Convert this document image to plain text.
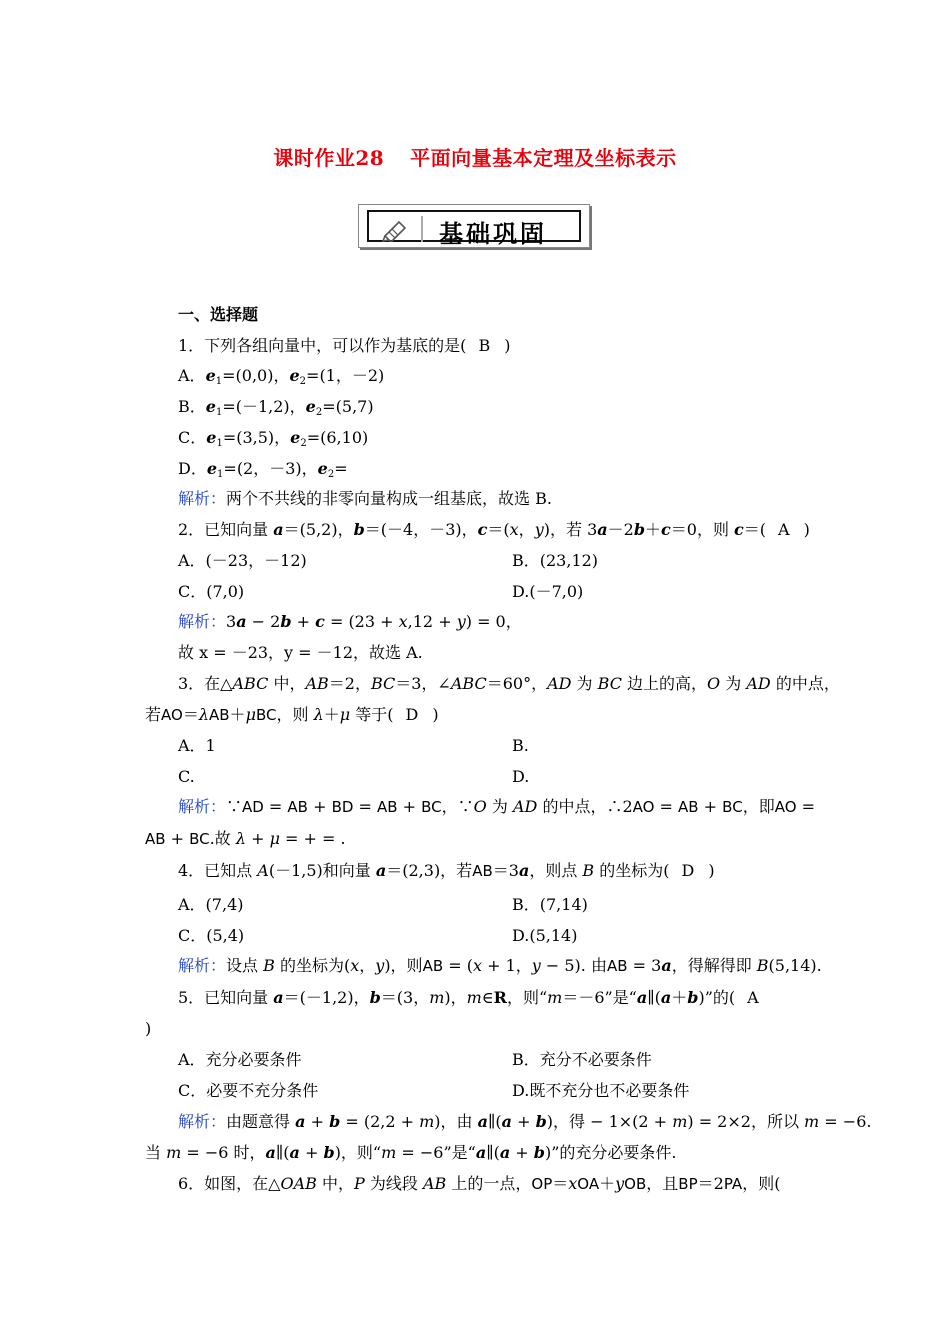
课时作业28 平面向量基本定理及坐标表示
基础巩固
一、选择题
1．下列各组向量中，可以作为基底的是( B )
A．$e_1=(0,0)$，$e_2=(1$，－2)
B．$e_1=(-1,2)$，$e_2=(5,7)$
C．$e_1=(3,5)$，$e_2=(6,10)$
D．$e_1=(2$，－3)，$e_2=$
解析：两个不共线的非零向量构成一组基底，故选 B.
2．已知向量 a＝(5,2)，b＝(－4，－3)，c＝(x，y)，若 3a－2b＋c＝0，则 c＝( A )
A．(－23，－12)	B．(23,12)
C．(7,0)	D.(－7,0)
解析：3a − 2b + c = (23 + x,12 + y) = 0，
故 x = －23，y = －12，故选 A.
3．在△ABC 中，AB＝2，BC＝3，∠ABC＝60°，AD 为 BC 边上的高，O 为 AD 的中点，
若AO＝λAB＋μBC，则 λ＋μ 等于( D )
A．1	B.
C.	D.
解析：∵AD = AB + BD = AB + BC，∵O 为 AD 的中点，∴2AO = AB + BC，即AO =
AB + BC.故 λ + μ = + = .
4．已知点 A(－1,5)和向量 a＝(2,3)，若AB＝3a，则点 B 的坐标为( D )
A．(7,4)	B．(7,14)
C．(5,4)	D.(5,14)
解析：设点 B 的坐标为(x，y)，则AB = (x + 1，y − 5). 由AB = 3a，得解得即 B(5,14).
5．已知向量 a＝(－1,2)，b＝(3，m)，m∈R，则“m＝－6”是“a∥(a＋b)”的( A
)
A．充分必要条件	B．充分不必要条件
C．必要不充分条件	D.既不充分也不必要条件
解析：由题意得 a + b = (2,2 + m)，由 a∥(a + b)，得 − 1×(2 + m) = 2×2，所以 m = −6.
当 m = −6 时，a∥(a + b)，则“m = −6”是“a∥(a + b)”的充分必要条件.
6．如图，在△OAB 中，P 为线段 AB 上的一点，OP＝xOA＋yOB，且BP＝2PA，则(
